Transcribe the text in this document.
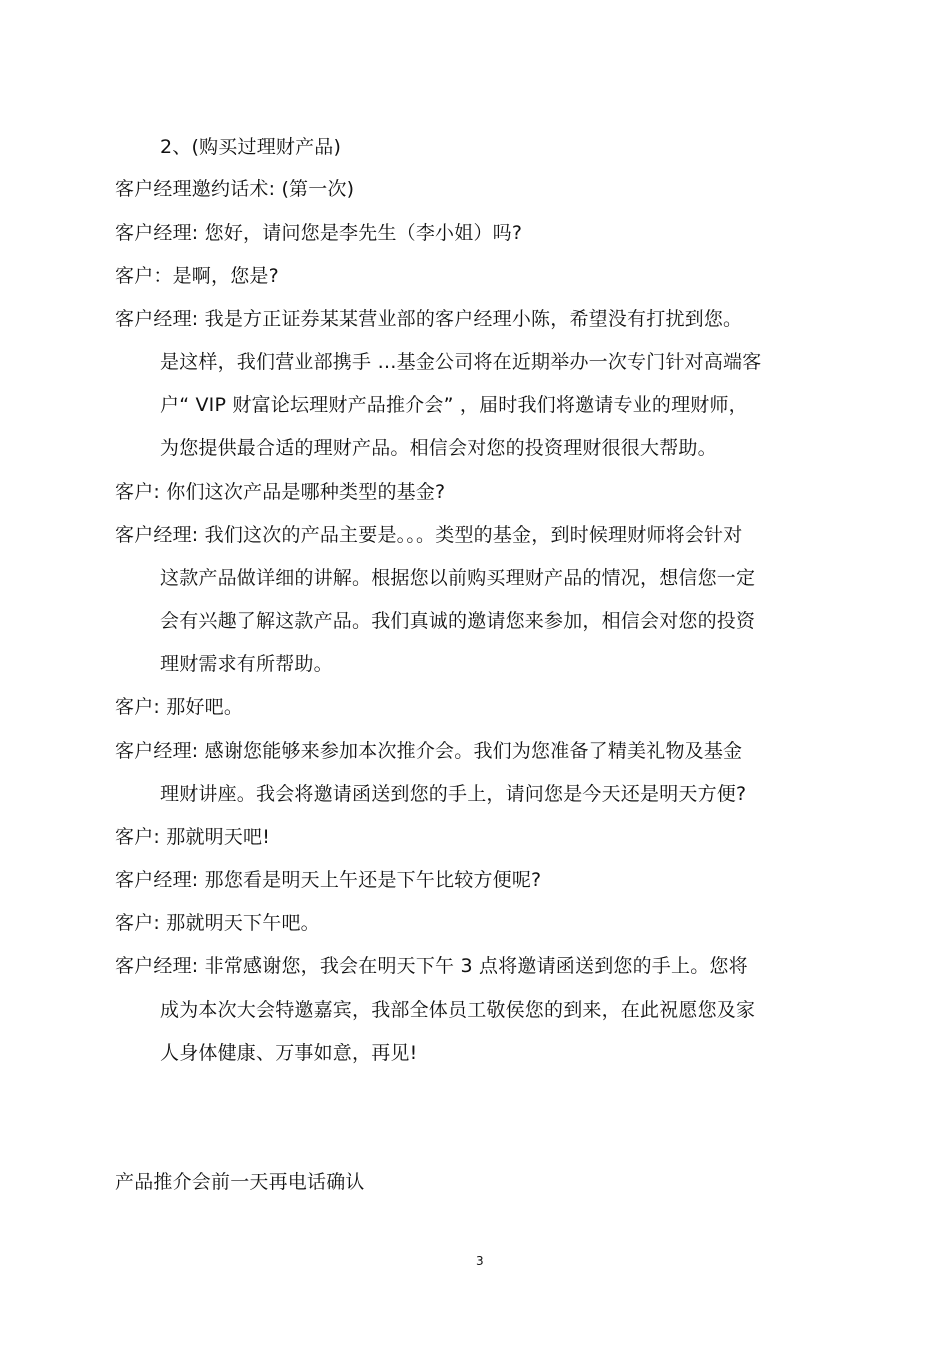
2、(购买过理财产品)
客户经理邀约话术: (第一次)
客户经理: 您好，请问您是李先生（李小姐）吗?
客户：是啊，您是?
客户经理: 我是方正证券某某营业部的客户经理小陈，希望没有打扰到您。
是这样，我们营业部携手 …基金公司将在近期举办一次专门针对高端客
户“ VIP 财富论坛理财产品推介会” ，届时我们将邀请专业的理财师，
为您提供最合适的理财产品。相信会对您的投资理财很很大帮助。
客户: 你们这次产品是哪种类型的基金?
客户经理: 我们这次的产品主要是。。。类型的基金，到时候理财师将会针对
这款产品做详细的讲解。根据您以前购买理财产品的情况，想信您一定
会有兴趣了解这款产品。我们真诚的邀请您来参加，相信会对您的投资
理财需求有所帮助。
客户: 那好吧。
客户经理: 感谢您能够来参加本次推介会。我们为您准备了精美礼物及基金
理财讲座。我会将邀请函送到您的手上，请问您是今天还是明天方便?
客户: 那就明天吧!
客户经理: 那您看是明天上午还是下午比较方便呢?
客户: 那就明天下午吧。
客户经理: 非常感谢您，我会在明天下午 3 点将邀请函送到您的手上。您将
成为本次大会特邀嘉宾，我部全体员工敬侯您的到来，在此祝愿您及家
人身体健康、万事如意，再见!
产品推介会前一天再电话确认
3
